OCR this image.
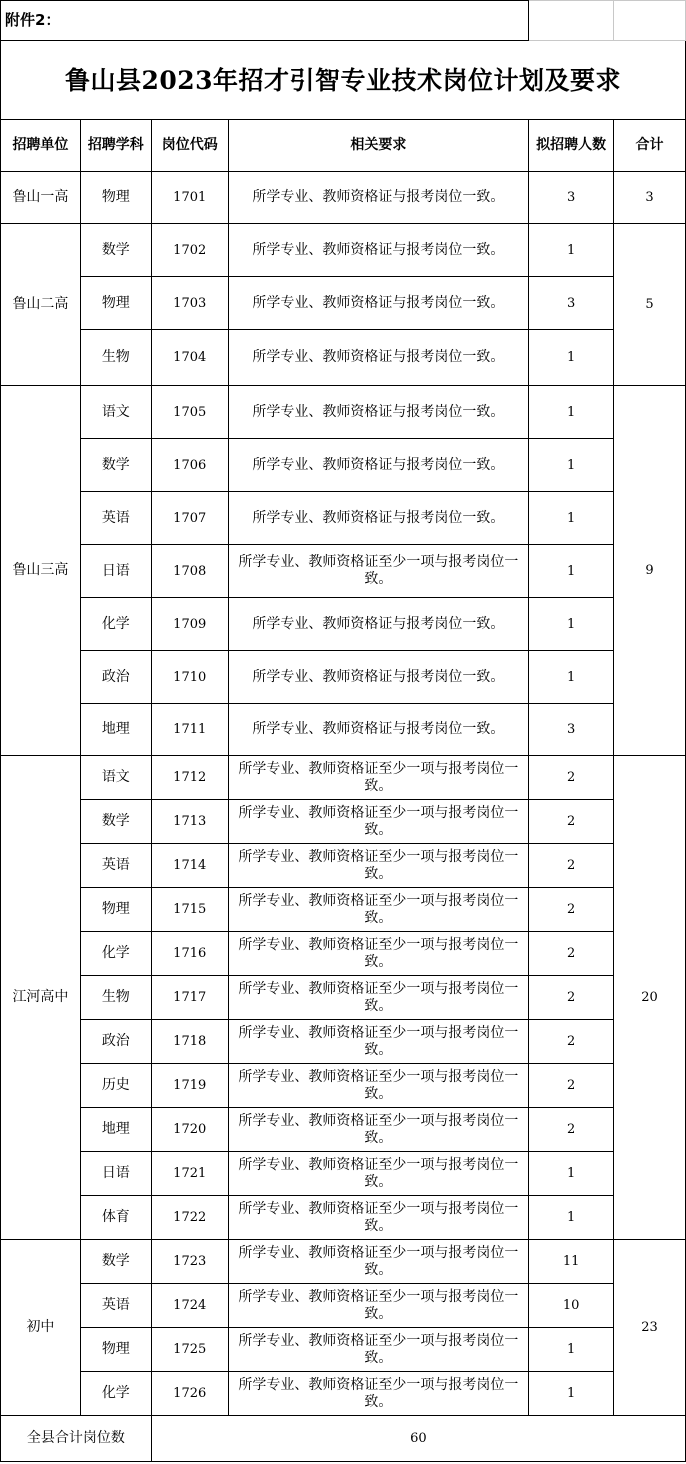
附件2：					
鲁山县2023年招才引智专业技术岗位计划及要求					
招聘单位	招聘学科	岗位代码	相关要求	拟招聘人数	合计
鲁山一高	物理	1701	所学专业、教师资格证与报考岗位一致。	3	3
鲁山二高	数学	1702	所学专业、教师资格证与报考岗位一致。	1	5
	物理	1703	所学专业、教师资格证与报考岗位一致。	3	
	生物	1704	所学专业、教师资格证与报考岗位一致。	1	
鲁山三高	语文	1705	所学专业、教师资格证与报考岗位一致。	1	9
	数学	1706	所学专业、教师资格证与报考岗位一致。	1	
	英语	1707	所学专业、教师资格证与报考岗位一致。	1	
	日语	1708	所学专业、教师资格证至少一项与报考岗位一致。	1	
	化学	1709	所学专业、教师资格证与报考岗位一致。	1	
	政治	1710	所学专业、教师资格证与报考岗位一致。	1	
	地理	1711	所学专业、教师资格证与报考岗位一致。	3	
江河高中	语文	1712	所学专业、教师资格证至少一项与报考岗位一致。	2	20
	数学	1713	所学专业、教师资格证至少一项与报考岗位一致。	2	
	英语	1714	所学专业、教师资格证至少一项与报考岗位一致。	2	
	物理	1715	所学专业、教师资格证至少一项与报考岗位一致。	2	
	化学	1716	所学专业、教师资格证至少一项与报考岗位一致。	2	
	生物	1717	所学专业、教师资格证至少一项与报考岗位一致。	2	
	政治	1718	所学专业、教师资格证至少一项与报考岗位一致。	2	
	历史	1719	所学专业、教师资格证至少一项与报考岗位一致。	2	
	地理	1720	所学专业、教师资格证至少一项与报考岗位一致。	2	
	日语	1721	所学专业、教师资格证至少一项与报考岗位一致。	1	
	体育	1722	所学专业、教师资格证至少一项与报考岗位一致。	1	
初中	数学	1723	所学专业、教师资格证至少一项与报考岗位一致。	11	23
	英语	1724	所学专业、教师资格证至少一项与报考岗位一致。	10	
	物理	1725	所学专业、教师资格证至少一项与报考岗位一致。	1	
	化学	1726	所学专业、教师资格证至少一项与报考岗位一致。	1	
全县合计岗位数		60			
